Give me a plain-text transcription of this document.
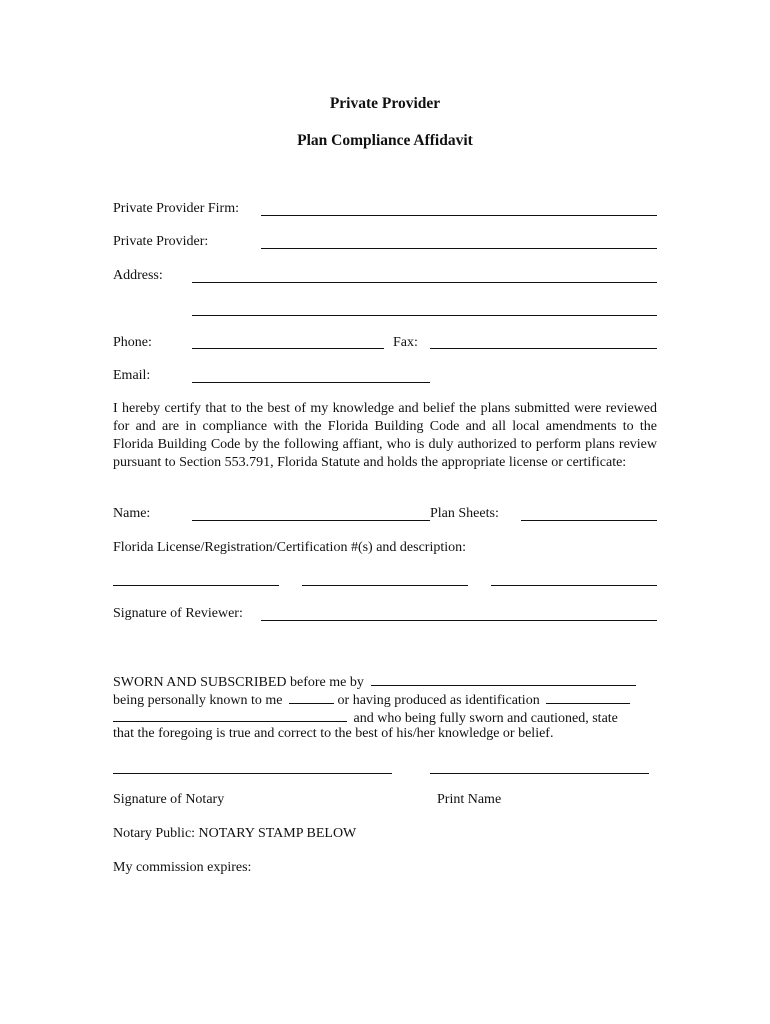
Private Provider
Plan Compliance Affidavit
Private Provider Firm:
Private Provider:
Address:
Phone:	Fax:
Email:
I hereby certify that to the best of my knowledge and belief the plans submitted were reviewed for and are in compliance with the Florida Building Code and all local amendments to the Florida Building Code by the following affiant, who is duly authorized to perform plans review pursuant to Section 553.791, Florida Statute and holds the appropriate license or certificate:
Name:	Plan Sheets:
Florida License/Registration/Certification #(s) and description:
Signature of Reviewer:
SWORN AND SUBSCRIBED before me by
being personally known to me	or having produced as identification
and who being fully sworn and cautioned, state
that the foregoing is true and correct to the best of his/her knowledge or belief.
Signature of Notary	Print Name
Notary Public: NOTARY STAMP BELOW
My commission expires:
